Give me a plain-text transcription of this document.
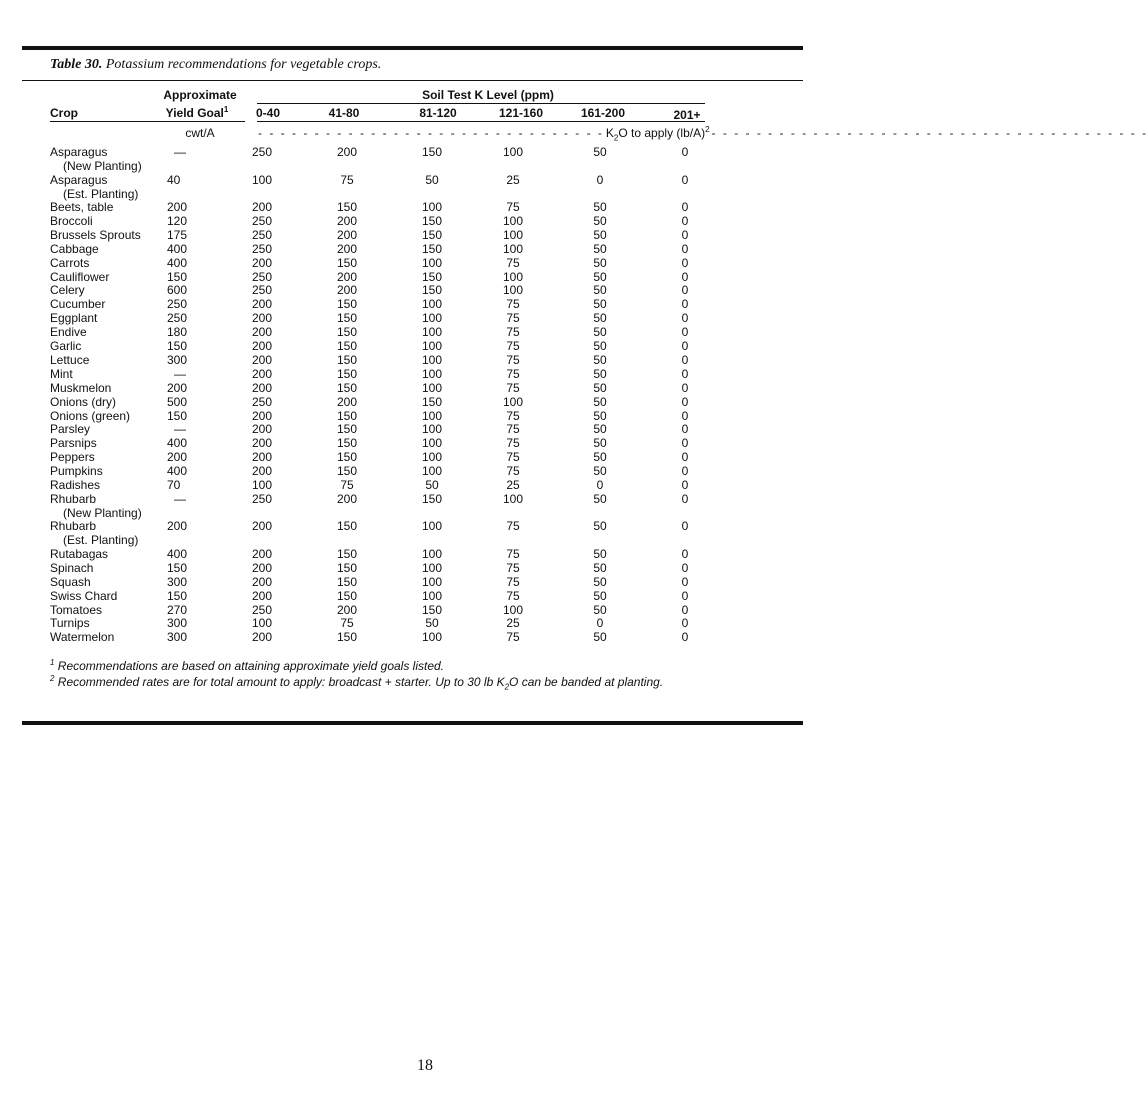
Table 30. Potassium recommendations for vegetable crops.
Crop
Approximate
Yield Goal$^1$
Soil Test K Level (ppm)
0-40	41-80	81-120	121-160	161-200	201+
cwt/A	- - - - - - - - - - - - - - - - - - - - - - - - - - - - - - - $K_2O$ to apply $(lb/A)^2$ - - - - - - - - - - - - - - - - - - - - - - - - - - - - - - - - - - - - - - -
Asparagus	—	250	200	150	100	50	0
(New Planting)
Asparagus	40	100	75	50	25	0	0
(Est. Planting)
Beets, table	200	200	150	100	75	50	0
Broccoli	120	250	200	150	100	50	0
Brussels Sprouts 175	250	200	150	100	50	0
Cabbage	400	250	200	150	100	50	0
Carrots	400	200	150	100	75	50	0
Cauliflower	150	250	200	150	100	50	0
Celery	600	250	200	150	100	50	0
Cucumber	250	200	150	100	75	50	0
Eggplant	250	200	150	100	75	50	0
Endive	180	200	150	100	75	50	0
Garlic	150	200	150	100	75	50	0
Lettuce	300	200	150	100	75	50	0
Mint	—	200	150	100	75	50	0
Muskmelon	200	200	150	100	75	50	0
Onions (dry)	500	250	200	150	100	50	0
Onions (green)	150	200	150	100	75	50	0
Parsley	—	200	150	100	75	50	0
Parsnips	400	200	150	100	75	50	0
Peppers	200	200	150	100	75	50	0
Pumpkins	400	200	150	100	75	50	0
Radishes	70	100	75	50	25	0	0
Rhubarb	—	250	200	150	100	50	0
(New Planting)
Rhubarb	200	200	150	100	75	50	0
(Est. Planting)
Rutabagas	400	200	150	100	75	50	0
Spinach	150	200	150	100	75	50	0
Squash	300	200	150	100	75	50	0
Swiss Chard	150	200	150	100	75	50	0
Tomatoes	270	250	200	150	100	50	0
Turnips	300	100	75	50	25	0	0
Watermelon	300	200	150	100	75	50	0
$^1$ Recommendations are based on attaining approximate yield goals listed.
$^2$ Recommended rates are for total amount to apply: broadcast + starter. Up to 30 lb $K_2O$ can be banded at planting.
18
